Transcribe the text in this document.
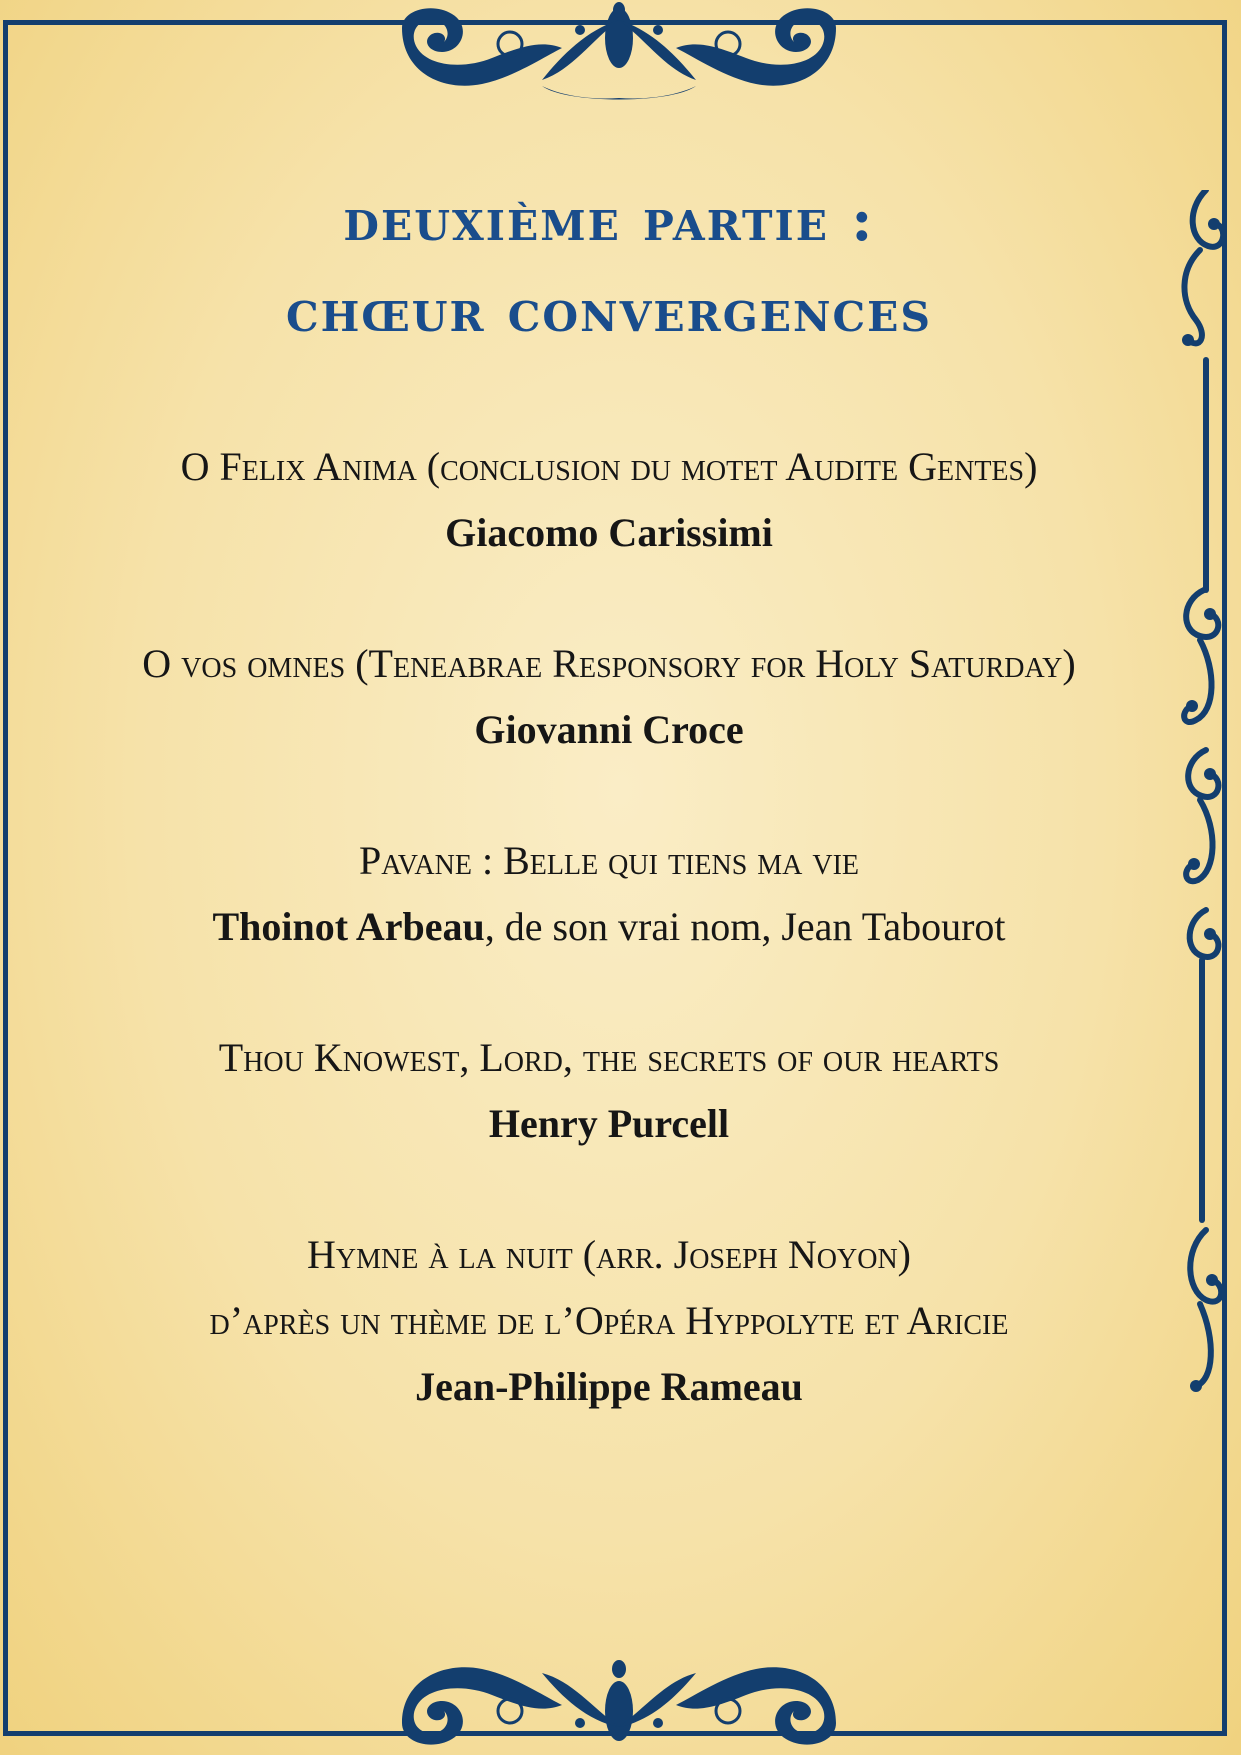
deuxième partie :
chœur convergences
O Felix Anima (conclusion du motet Audite Gentes)
Giacomo Carissimi
O vos omnes (Teneabrae Responsory for Holy Saturday)
Giovanni Croce
Pavane : Belle qui tiens ma vie
Thoinot Arbeau, de son vrai nom, Jean Tabourot
Thou Knowest, Lord, the secrets of our hearts
Henry Purcell
Hymne à la nuit (arr. Joseph Noyon)
d’après un thème de l’Opéra Hyppolyte et Aricie
Jean-Philippe Rameau
